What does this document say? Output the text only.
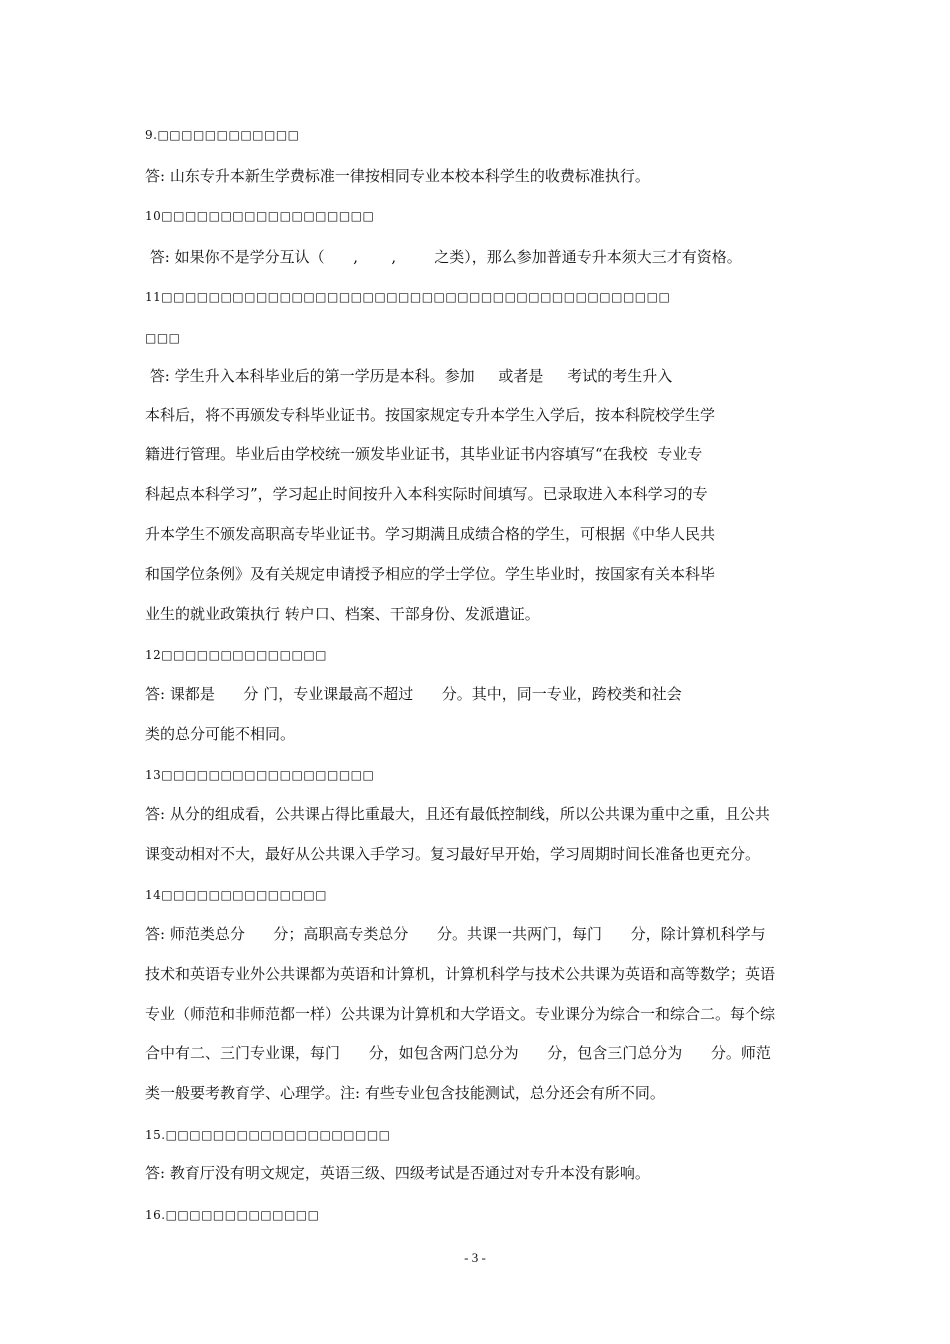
9.□□□□□□□□□□□□
答: 山东专升本新生学费标准一律按相同专业本校本科学生的收费标准执行。
10□□□□□□□□□□□□□□□□□□
答: 如果你不是学分互认（      ,       ,        之类），那么参加普通专升本须大三才有资格。
11□□□□□□□□□□□□□□□□□□□□□□□□□□□□□□□□□□□□□□□□□□□
□□□
答: 学生升入本科毕业后的第一学历是本科。参加     或者是     考试的考生升入
本科后，将不再颁发专科毕业证书。按国家规定专升本学生入学后，按本科院校学生学
籍进行管理。毕业后由学校统一颁发毕业证书，其毕业证书内容填写“在我校  专业专
科起点本科学习”，学习起止时间按升入本科实际时间填写。已录取进入本科学习的专
升本学生不颁发高职高专毕业证书。学习期满且成绩合格的学生，可根据《中华人民共
和国学位条例》及有关规定申请授予相应的学士学位。学生毕业时，按国家有关本科毕
业生的就业政策执行 转户口、档案、干部身份、发派遣证。
12□□□□□□□□□□□□□□
答: 课都是      分 门，专业课最高不超过      分。其中，同一专业，跨校类和社会
类的总分可能不相同。
13□□□□□□□□□□□□□□□□□□
答: 从分的组成看，公共课占得比重最大，且还有最低控制线，所以公共课为重中之重，且公共
课变动相对不大，最好从公共课入手学习。复习最好早开始，学习周期时间长准备也更充分。
14□□□□□□□□□□□□□□
答: 师范类总分      分；高职高专类总分      分。共课一共两门，每门      分，除计算机科学与
技术和英语专业外公共课都为英语和计算机，计算机科学与技术公共课为英语和高等数学；英语
专业（师范和非师范都一样）公共课为计算机和大学语文。专业课分为综合一和综合二。每个综
合中有二、三门专业课，每门      分，如包含两门总分为      分，包含三门总分为      分。师范
类一般要考教育学、心理学。注: 有些专业包含技能测试，总分还会有所不同。
15.□□□□□□□□□□□□□□□□□□□
答: 教育厅没有明文规定，英语三级、四级考试是否通过对专升本没有影响。
16.□□□□□□□□□□□□□
- 3 -
